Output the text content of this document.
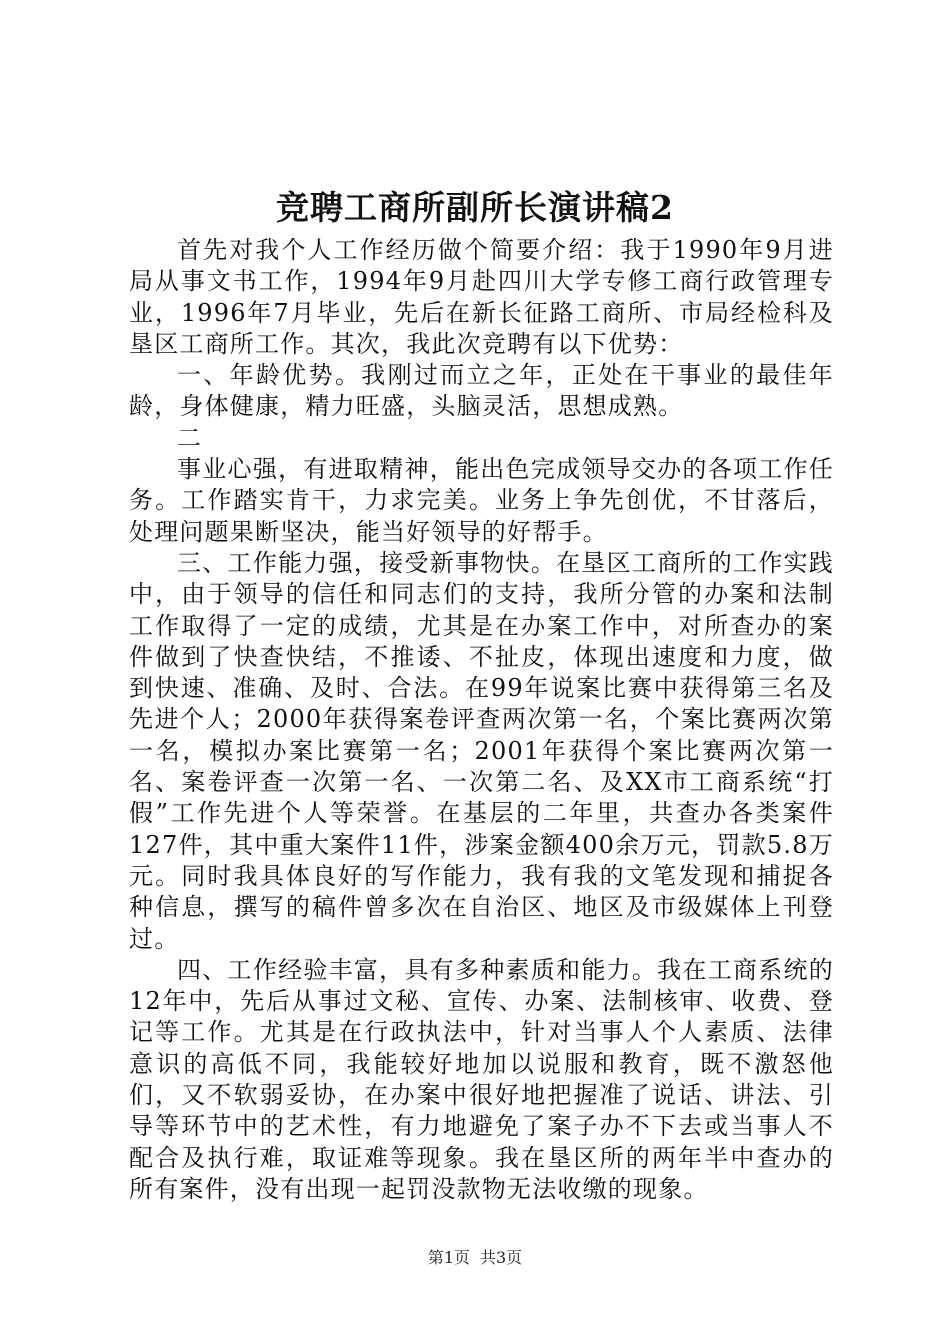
竞聘工商所副所长演讲稿2

首先对我个人工作经历做个简要介绍：我于1990年9月进局从事文书工作，1994年9月赴四川大学专修工商行政管理专业，1996年7月毕业，先后在新长征路工商所、市局经检科及垦区工商所工作。其次，我此次竞聘有以下优势：

一、年龄优势。我刚过而立之年，正处在干事业的最佳年龄，身体健康，精力旺盛，头脑灵活，思想成熟。

二

事业心强，有进取精神，能出色完成领导交办的各项工作任务。工作踏实肯干，力求完美。业务上争先创优，不甘落后，处理问题果断坚决，能当好领导的好帮手。

三、工作能力强，接受新事物快。在垦区工商所的工作实践中，由于领导的信任和同志们的支持，我所分管的办案和法制工作取得了一定的成绩，尤其是在办案工作中，对所查办的案件做到了快查快结，不推诿、不扯皮，体现出速度和力度，做到快速、准确、及时、合法。在99年说案比赛中获得第三名及先进个人；2000年获得案卷评查两次第一名，个案比赛两次第一名，模拟办案比赛第一名；2001年获得个案比赛两次第一名、案卷评查一次第一名、一次第二名、及XX市工商系统“打假”工作先进个人等荣誉。在基层的二年里，共查办各类案件127件，其中重大案件11件，涉案金额400余万元，罚款5.8万元。同时我具体良好的写作能力，我有我的文笔发现和捕捉各种信息，撰写的稿件曾多次在自治区、地区及市级媒体上刊登过。

四、工作经验丰富，具有多种素质和能力。我在工商系统的12年中，先后从事过文秘、宣传、办案、法制核审、收费、登记等工作。尤其是在行政执法中，针对当事人个人素质、法律意识的高低不同，我能较好地加以说服和教育，既不激怒他们，又不软弱妥协，在办案中很好地把握准了说话、讲法、引导等环节中的艺术性，有力地避免了案子办不下去或当事人不配合及执行难，取证难等现象。我在垦区所的两年半中查办的所有案件，没有出现一起罚没款物无法收缴的现象。

第1页 共3页
